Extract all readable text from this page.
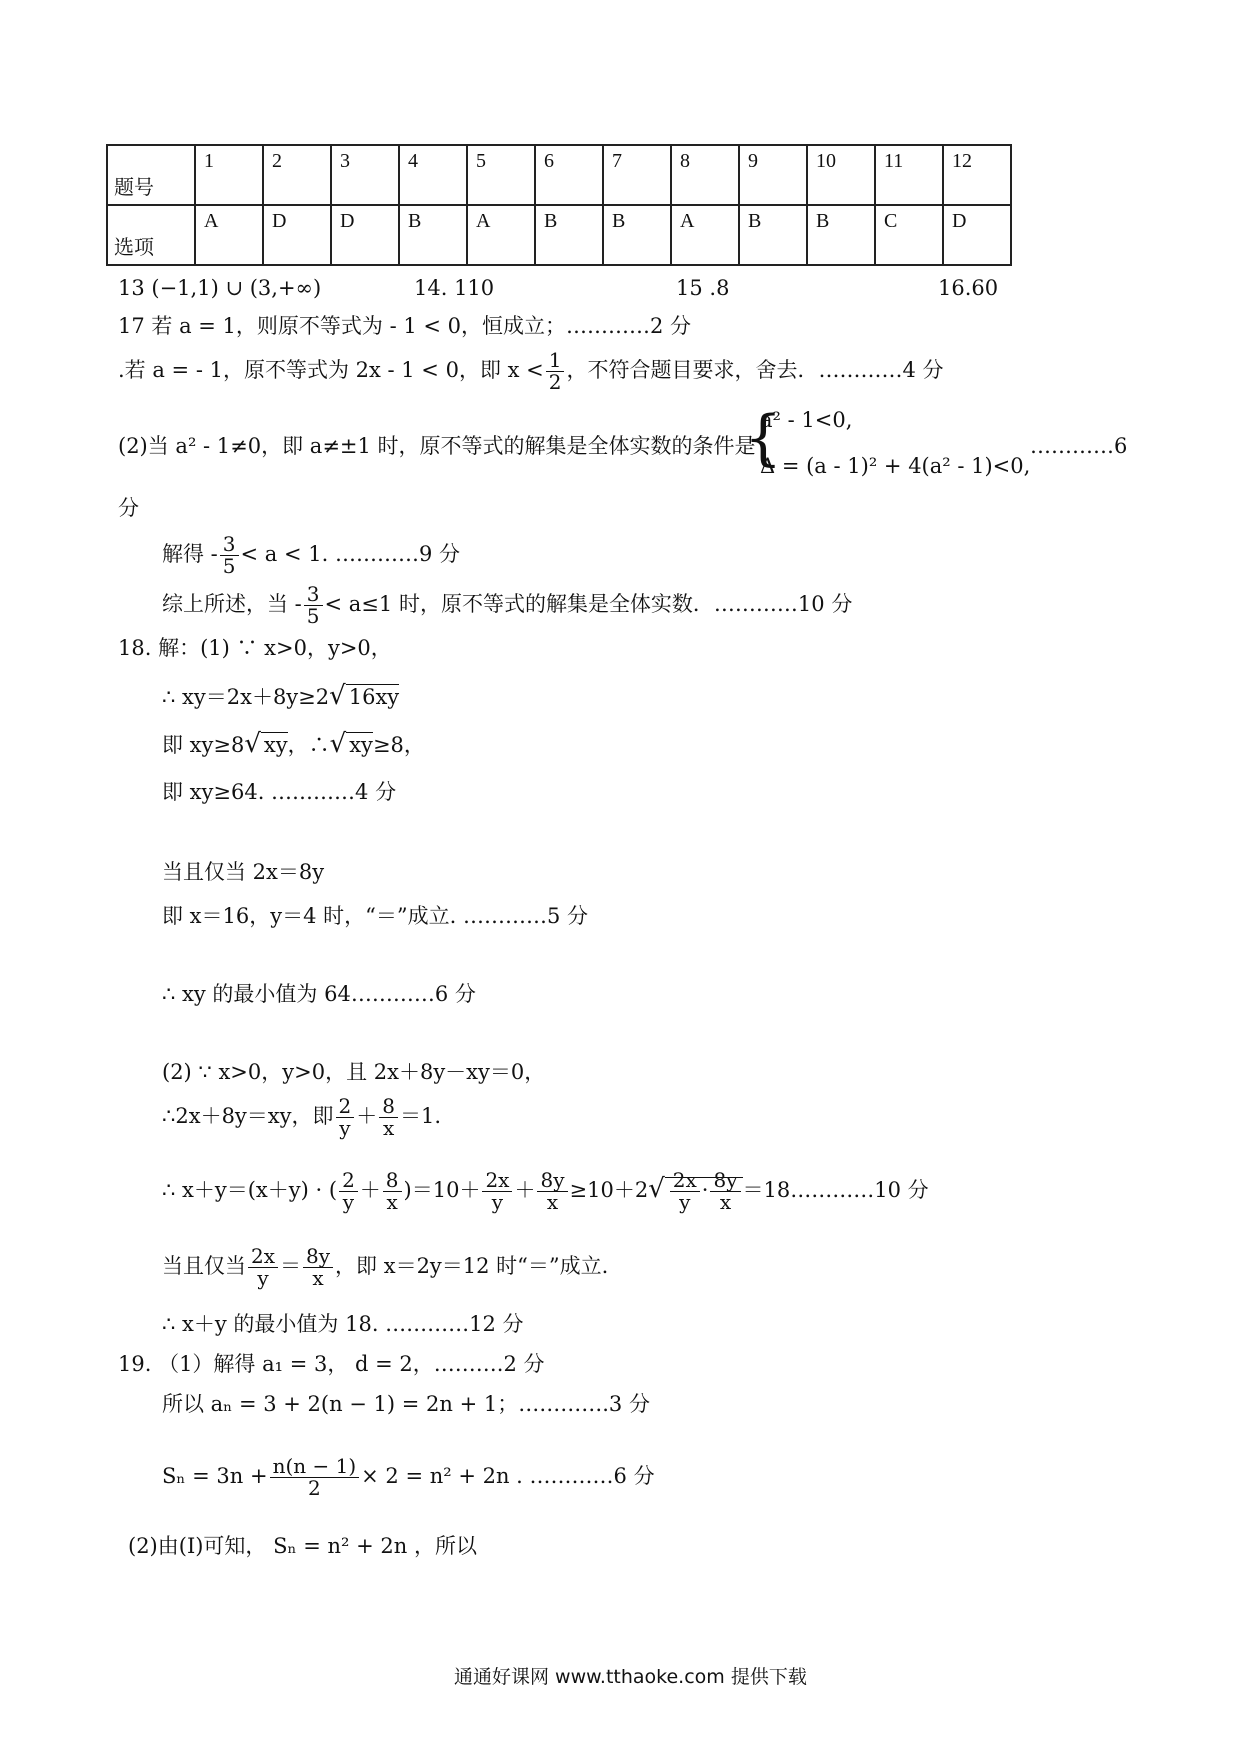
题号	1	2	3	4	5	6	7	8	9	10	11	12
选项	A	D	D	B	A	B	B	A	B	B	C	D
13 (−1,1) ∪ (3,+∞)	14. 110	15 .8	16.60
17 若 a = 1，则原不等式为 - 1 < 0，恒成立；…………2 分
.若 a = - 1，原不等式为 2x - 1 < 0，即 $x < \frac{1}{2}$ ，不符合题目要求，舍去．…………4 分
(2)当 a² - 1≠0，即 a≠±1 时，原不等式的解集是全体实数的条件是
{
a² - 1<0,
Δ = (a - 1)² + 4(a² - 1)<0,
…………6
分
解得 - $\frac{3}{5} < a < 1$. …………9 分
综上所述，当 - $\frac{3}{5} < a\le 1$ 时，原不等式的解集是全体实数．…………10 分
18. 解：(1) ∵ x>0，y>0，
∴ xy＝2x＋8y≥2√ 16xy
即 xy≥8√ xy，∴√ xy≥8，
即 xy≥64. …………4 分
当且仅当 2x＝8y
即 x＝16，y＝4 时，“＝”成立. …………5 分
∴ xy 的最小值为 64…………6 分
(2) ∵ x>0，y>0，且 2x＋8y－xy＝0，
∴2x＋8y＝xy，即 $\frac{2}{y} + \frac{8}{x} =1$.
∴ x＋y＝(x＋y) · ( $\frac{2}{y} + \frac{8}{x} )=10+ \frac{2x}{y} + \frac{8y}{x} \ge 10+2√ \frac{2x}{y} \cdot \frac{8y}{x}$ ＝18…………10 分
当且仅当 $\frac{2x}{y} = \frac{8y}{x}$ ，即 x＝2y＝12 时“＝”成立.
∴ x＋y 的最小值为 18. …………12 分
19. （1）解得 a₁ = 3， d = 2，……….2 分
所以 aₙ = 3 + 2(n − 1) = 2n + 1；………….3 分
$S_n = 3n + \frac{n(n - 1)}{2} \times 2 = n^2 + 2n$ . …………6 分
(2)由(Ⅰ)可知， Sₙ = n² + 2n ，所以
通通好课网 www.tthaoke.com 提供下载
